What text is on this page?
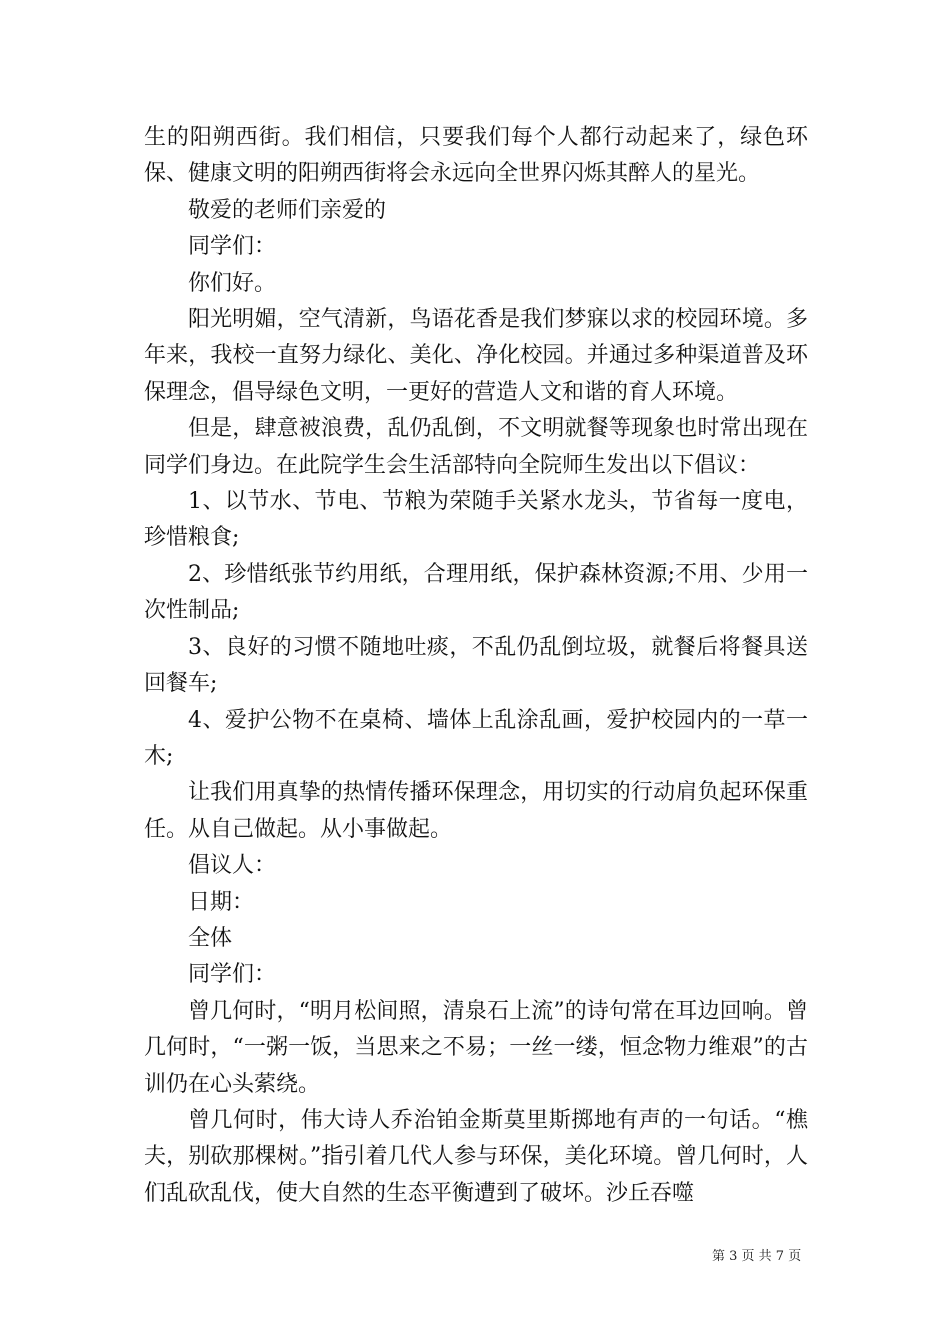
生的阳朔西街。我们相信，只要我们每个人都行动起来了，绿色环保、健康文明的阳朔西街将会永远向全世界闪烁其醉人的星光。

敬爱的老师们亲爱的

同学们：

你们好。

阳光明媚，空气清新，鸟语花香是我们梦寐以求的校园环境。多年来，我校一直努力绿化、美化、净化校园。并通过多种渠道普及环保理念，倡导绿色文明，一更好的营造人文和谐的育人环境。

但是，肆意被浪费，乱仍乱倒，不文明就餐等现象也时常出现在同学们身边。在此院学生会生活部特向全院师生发出以下倡议：

1、以节水、节电、节粮为荣随手关紧水龙头，节省每一度电，珍惜粮食;

2、珍惜纸张节约用纸，合理用纸，保护森林资源;不用、少用一次性制品;

3、良好的习惯不随地吐痰，不乱仍乱倒垃圾，就餐后将餐具送回餐车;

4、爱护公物不在桌椅、墙体上乱涂乱画，爱护校园内的一草一木;

让我们用真挚的热情传播环保理念，用切实的行动肩负起环保重任。从自己做起。从小事做起。

倡议人：

日期：

全体

同学们：

曾几何时，“明月松间照，清泉石上流”的诗句常在耳边回响。曾几何时，“一粥一饭，当思来之不易；一丝一缕，恒念物力维艰”的古训仍在心头萦绕。

曾几何时，伟大诗人乔治铂金斯莫里斯掷地有声的一句话。“樵夫，别砍那棵树。”指引着几代人参与环保，美化环境。曾几何时，人们乱砍乱伐，使大自然的生态平衡遭到了破坏。沙丘吞噬

第 3 页 共 7 页
